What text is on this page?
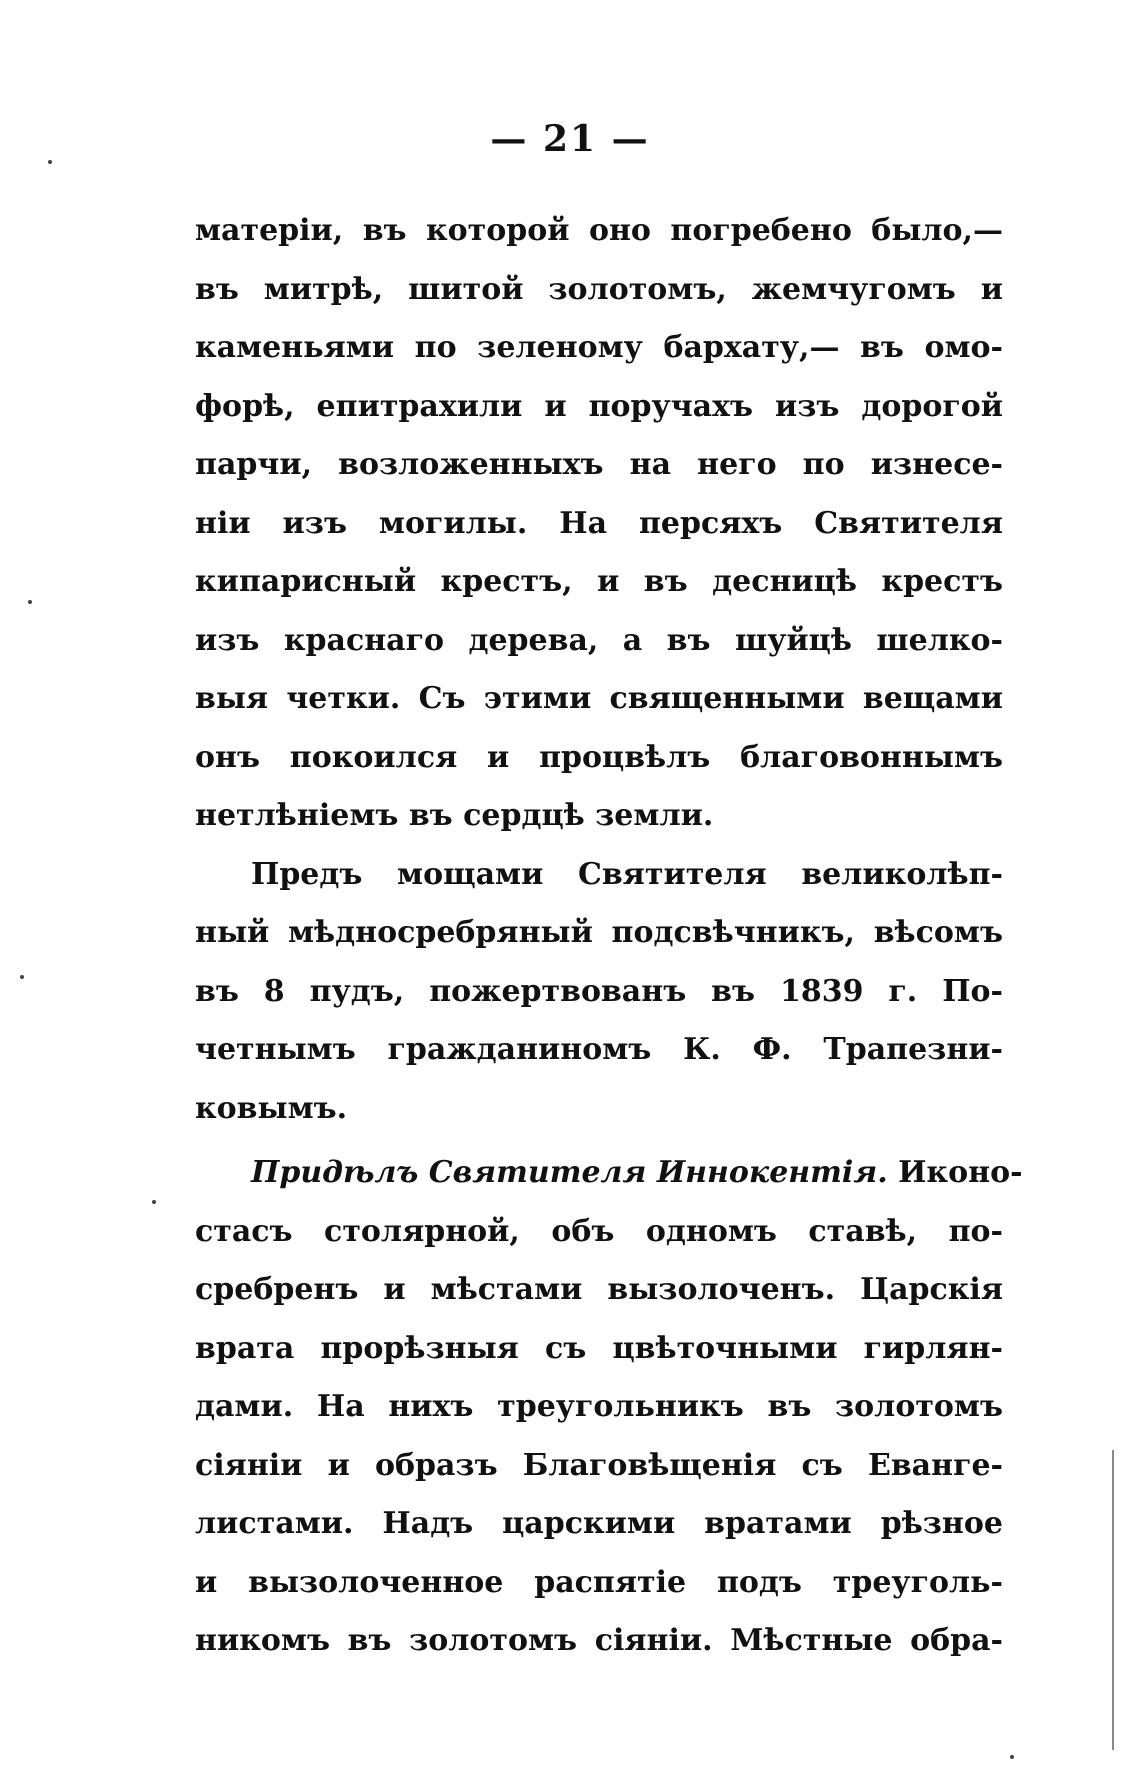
— 21 —
матеріи, въ которой оно погребено было,—
въ митрѣ, шитой золотомъ, жемчугомъ и
каменьями по зеленому бархату,— въ омо-
форѣ, епитрахили и поручахъ изъ дорогой
парчи, возложенныхъ на него по изнесе-
ніи изъ могилы. На персяхъ Святителя
кипарисный крестъ, и въ десницѣ крестъ
изъ краснаго дерева, а въ шуйцѣ шелко-
выя четки. Съ этими священными вещами
онъ покоился и процвѣлъ благовоннымъ
нетлѣніемъ въ сердцѣ земли.
Предъ мощами Святителя великолѣп-
ный мѣдносребряный подсвѣчникъ, вѣсомъ
въ 8 пудъ, пожертвованъ въ 1839 г. По-
четнымъ гражданиномъ К. Ф. Трапезни-
ковымъ.
Придѣлъ Святителя Иннокентія. Иконо-
стасъ столярной, объ одномъ ставѣ, по-
сребренъ и мѣстами вызолоченъ. Царскія
врата прорѣзныя съ цвѣточными гирлян-
дами. На нихъ треугольникъ въ золотомъ
сіяніи и образъ Благовѣщенія съ Еванге-
листами. Надъ царскими вратами рѣзное
и вызолоченное распятіе подъ треуголь-
никомъ въ золотомъ сіяніи. Мѣстные обра-
